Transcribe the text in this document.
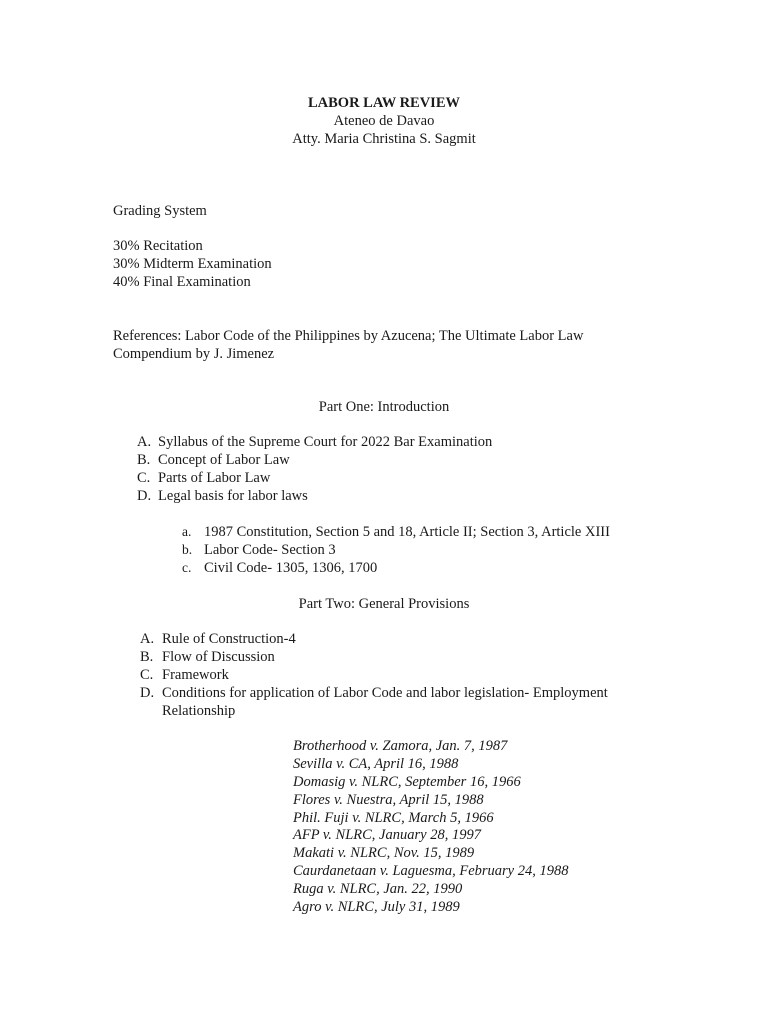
LABOR LAW REVIEW
Ateneo de Davao
Atty. Maria Christina S. Sagmit
Grading System
30% Recitation
30% Midterm Examination
40% Final Examination
References: Labor Code of the Philippines by Azucena; The Ultimate Labor Law
Compendium by J. Jimenez
Part One: Introduction
A. Syllabus of the Supreme Court for 2022 Bar Examination
B. Concept of Labor Law
C. Parts of Labor Law
D. Legal basis for labor laws
a. 1987 Constitution, Section 5 and 18, Article II; Section 3, Article XIII
b. Labor Code- Section 3
c. Civil Code- 1305, 1306, 1700
Part Two: General Provisions
A. Rule of Construction-4
B. Flow of Discussion
C. Framework
D. Conditions for application of Labor Code and labor legislation- Employment
Relationship
Brotherhood v. Zamora, Jan. 7, 1987
Sevilla v. CA, April 16, 1988
Domasig v. NLRC, September 16, 1966
Flores v. Nuestra, April 15, 1988
Phil. Fuji v. NLRC, March 5, 1966
AFP v. NLRC, January 28, 1997
Makati v. NLRC, Nov. 15, 1989
Caurdanetaan v. Laguesma, February 24, 1988
Ruga v. NLRC, Jan. 22, 1990
Agro v. NLRC, July 31, 1989
